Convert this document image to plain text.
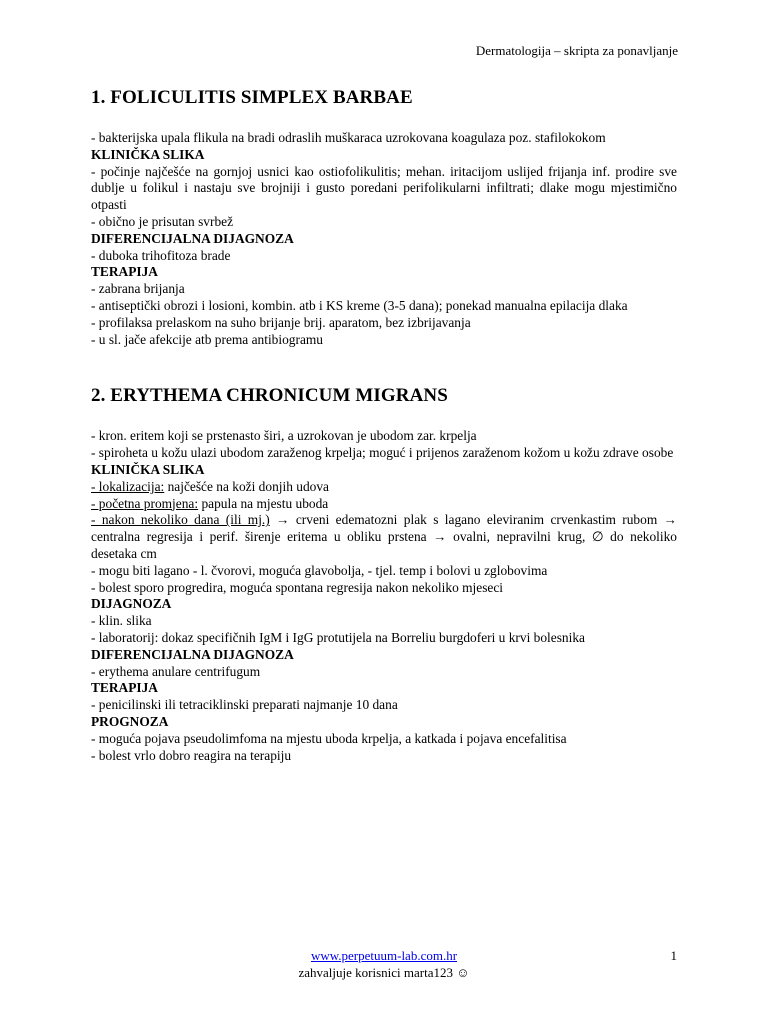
Dermatologija – skripta za ponavljanje
1. FOLICULITIS SIMPLEX BARBAE

- bakterijska upala flikula na bradi odraslih muškaraca uzrokovana koagulaza poz. stafilokokom

KLINIČKA SLIKA

- počinje najčešće na gornjoj usnici kao ostiofolikulitis; mehan. iritacijom uslijed frijanja inf. prodire sve dublje u folikul i nastaju sve brojniji i gusto poredani perifolikularni infiltrati; dlake mogu mjestimično otpasti

- obično je prisutan svrbež

DIFERENCIJALNA DIJAGNOZA

- duboka trihofitoza brade

TERAPIJA

- zabrana brijanja

- antiseptički obrozi i losioni, kombin. atb i KS kreme (3-5 dana); ponekad manualna epilacija dlaka

- profilaksa prelaskom na suho brijanje brij. aparatom, bez izbrijavanja

- u sl. jače afekcije atb prema antibiogramu

2. ERYTHEMA CHRONICUM MIGRANS

- kron. eritem koji se prstenasto širi, a uzrokovan je ubodom zar. krpelja

- spiroheta u kožu ulazi ubodom zaraženog krpelja; moguć i prijenos zaraženom kožom u kožu zdrave osobe

KLINIČKA SLIKA

- lokalizacija: najčešće na koži donjih udova

- početna promjena: papula na mjestu uboda

- nakon nekoliko dana (ili mj.) → crveni edematozni plak s lagano eleviranim crvenkastim rubom → centralna regresija i perif. širenje eritema u obliku prstena → ovalni, nepravilni krug, ∅ do nekoliko desetaka cm

- mogu biti lagano - l. čvorovi, moguća glavobolja, - tjel. temp i bolovi u zglobovima

- bolest sporo progredira, moguća spontana regresija nakon nekoliko mjeseci

DIJAGNOZA

- klin. slika

- laboratorij: dokaz specifičnih IgM i IgG protutijela na Borreliu burgdoferi u krvi bolesnika

DIFERENCIJALNA DIJAGNOZA

- erythema anulare centrifugum

TERAPIJA

- penicilinski ili tetraciklinski preparati najmanje 10 dana

PROGNOZA

- moguća pojava pseudolimfoma na mjestu uboda krpelja, a katkada i pojava encefalitisa

- bolest vrlo dobro reagira na terapiju

www.perpetuum-lab.com.hr
zahvaljuje korisnici marta123 ☺
1
